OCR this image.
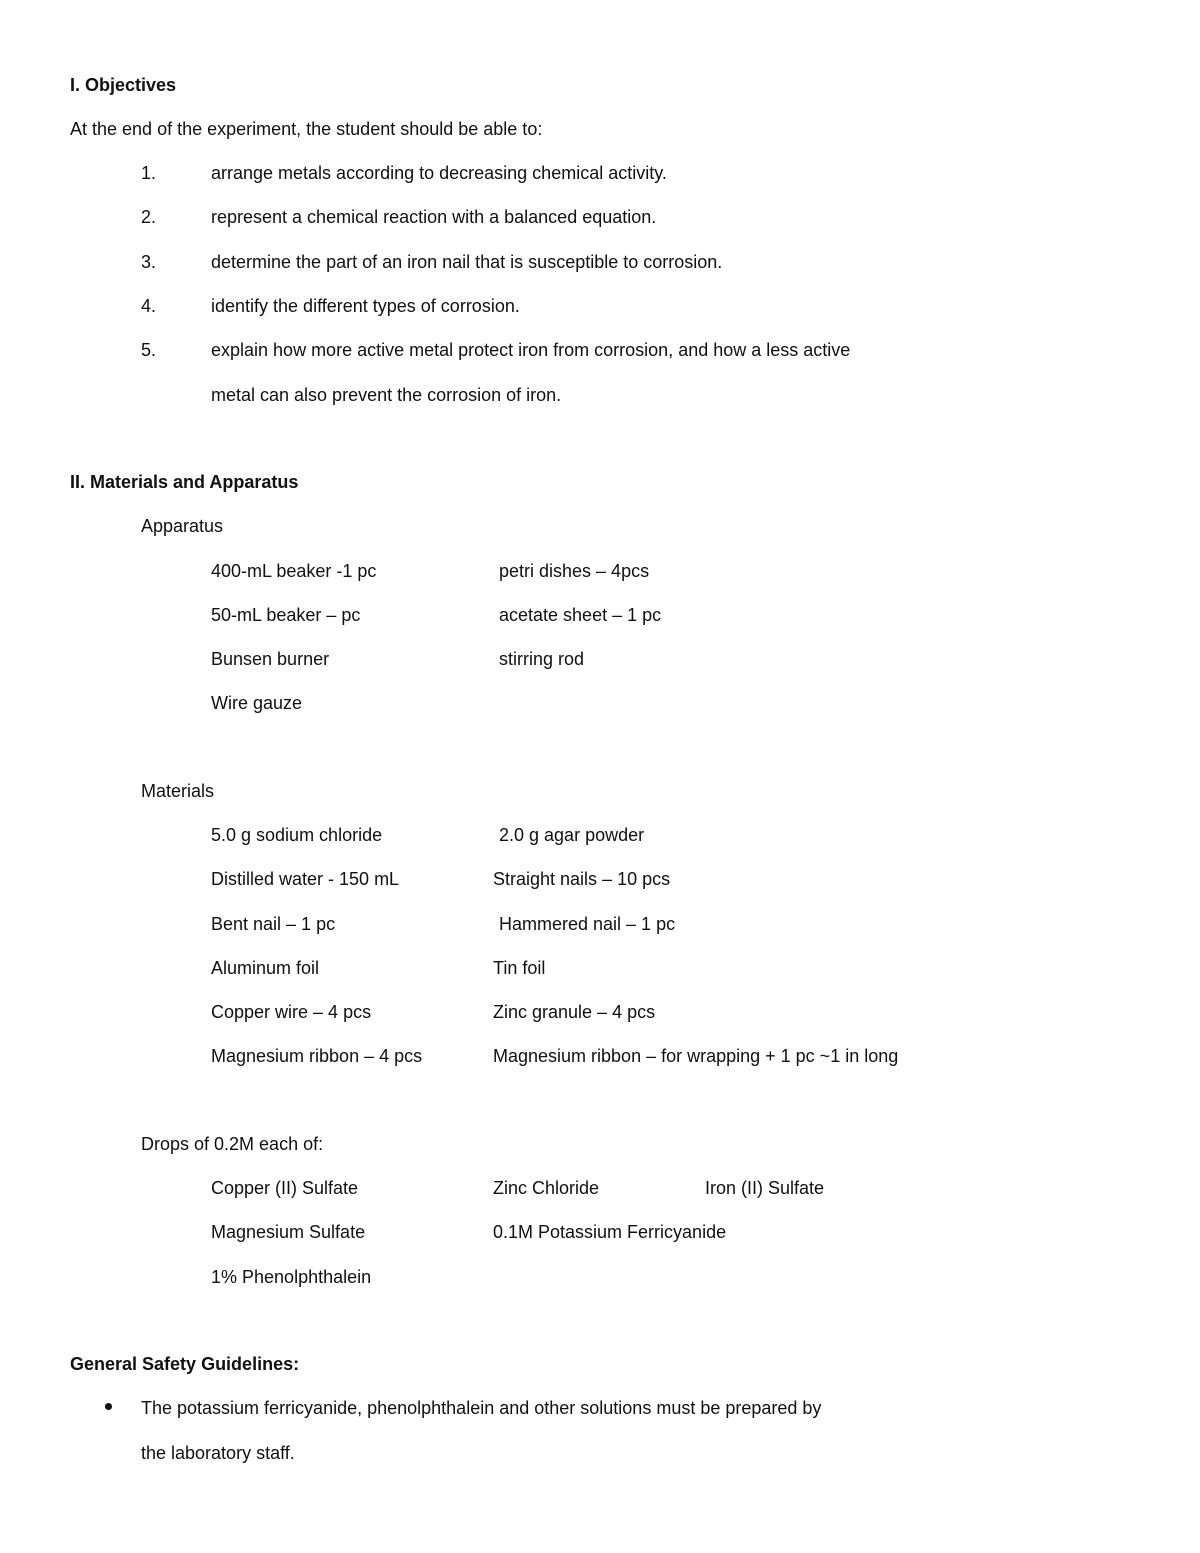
I. Objectives
At the end of the experiment, the student should be able to:
1.	arrange metals according to decreasing chemical activity.
2.	represent a chemical reaction with a balanced equation.
3.	determine the part of an iron nail that is susceptible to corrosion.
4.	identify the different types of corrosion.
5.	explain how more active metal protect iron from corrosion, and how a less active
metal can also prevent the corrosion of iron.
II. Materials and Apparatus
Apparatus
400-mL beaker -1 pc	petri dishes – 4pcs
50-mL beaker – pc	acetate sheet – 1 pc
Bunsen burner	stirring rod
Wire gauze
Materials
5.0 g sodium chloride	2.0 g agar powder
Distilled water - 150 mL	Straight nails – 10 pcs
Bent nail – 1 pc	Hammered nail – 1 pc
Aluminum foil	Tin foil
Copper wire – 4 pcs	Zinc granule – 4 pcs
Magnesium ribbon – 4 pcs	Magnesium ribbon – for wrapping + 1 pc ~1 in long
Drops of 0.2M each of:
Copper (II) Sulfate	Zinc Chloride	Iron (II) Sulfate
Magnesium Sulfate	0.1M Potassium Ferricyanide
1% Phenolphthalein
General Safety Guidelines:
The potassium ferricyanide, phenolphthalein and other solutions must be prepared by
the laboratory staff.
